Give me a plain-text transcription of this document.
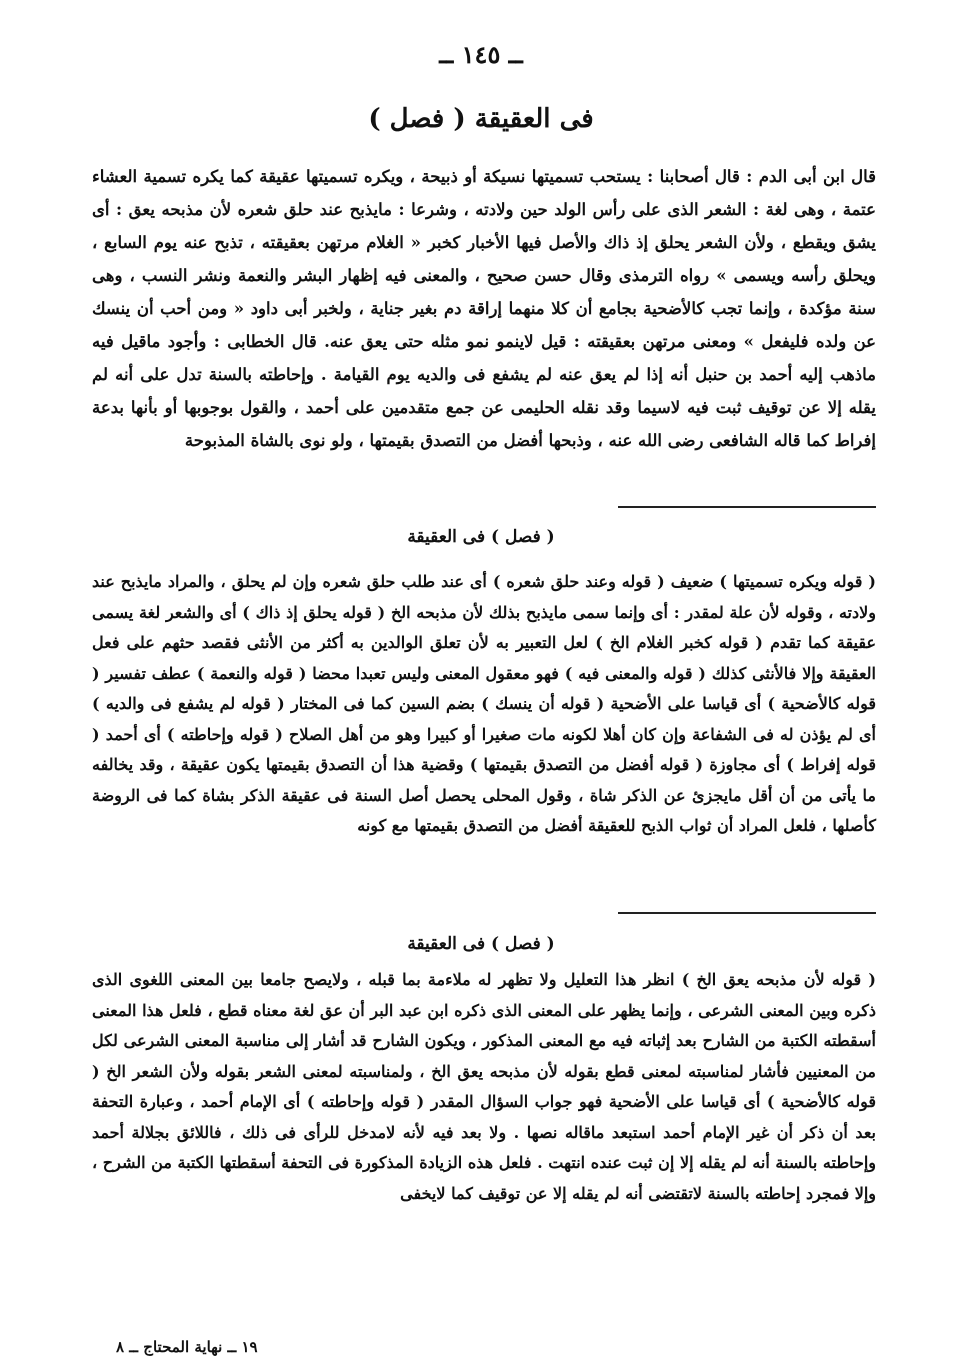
ــ ١٤٥ ــ
( فصل ) فى العقيقة

قال ابن أبى الدم : قال أصحابنا : يستحب تسميتها نسيكة أو ذبيحة ، ويكره تسميتها عقيقة كما يكره تسمية العشاء عتمة ، وهى لغة : الشعر الذى على رأس الولد حين ولادته ، وشرعا : مايذبح عند حلق شعره لأن مذبحه يعق : أى يشق ويقطع ، ولأن الشعر يحلق إذ ذاك والأصل فيها الأخبار كخبر « الغلام مرتهن بعقيقته ، تذبح عنه يوم السابع ، ويحلق رأسه ويسمى » رواه الترمذى وقال حسن صحيح ، والمعنى فيه إظهار البشر والنعمة ونشر النسب ، وهى سنة مؤكدة ، وإنما تجب كالأضحية بجامع أن كلا منهما إراقة دم بغير جناية ، ولخبر أبى داود « ومن أحب أن ينسك عن ولده فليفعل » ومعنى مرتهن بعقيقته : قيل لاينمو نمو مثله حتى يعق عنه. قال الخطابى : وأجود ماقيل فيه ماذهب إليه أحمد بن حنبل أنه إذا لم يعق عنه لم يشفع فى والديه يوم القيامة . وإحاطته بالسنة تدل على أنه لم يقله إلا عن توقيف ثبت فيه لاسيما وقد نقله الحليمى عن جمع متقدمين على أحمد ، والقول بوجوبها أو بأنها بدعة إفراط كما قاله الشافعى رضى الله عنه ، وذبحها أفضل من التصدق بقيمتها ، ولو نوى بالشاة المذبوحة

( فصل ) فى العقيقة

( قوله ويكره تسميتها ) ضعيف ( قوله وعند حلق شعره ) أى عند طلب حلق شعره وإن لم يحلق ، والمراد مايذبح عند ولادته ، وقوله لأن علة لمقدر : أى وإنما سمى مايذبح بذلك لأن مذبحه الخ ( قوله يحلق إذ ذاك ) أى والشعر لغة يسمى عقيقة كما تقدم ( قوله كخبر الغلام الخ ) لعل التعبير به لأن تعلق الوالدين به أكثر من الأنثى فقصد حثهم على فعل العقيقة وإلا فالأنثى كذلك ( قوله والمعنى فيه ) فهو معقول المعنى وليس تعبدا محضا ( قوله والنعمة ) عطف تفسير ( قوله كالأضحية ) أى قياسا على الأضحية ( قوله أن ينسك ) بضم السين كما فى المختار ( قوله لم يشفع فى والديه ) أى لم يؤذن له فى الشفاعة وإن كان أهلا لكونه مات صغيرا أو كبيرا وهو من أهل الصلاح ( قوله وإحاطته ) أى أحمد ( قوله إفراط ) أى مجاوزة ( قوله أفضل من التصدق بقيمتها ) وقضية هذا أن التصدق بقيمتها يكون عقيقة ، وقد يخالفه ما يأتى من أن أقل مايجزئ عن الذكر شاة ، وقول المحلى يحصل أصل السنة فى عقيقة الذكر بشاة كما فى الروضة كأصلها ، فلعل المراد أن ثواب الذبح للعقيقة أفضل من التصدق بقيمتها مع كونه

( فصل ) فى العقيقة

( قوله لأن مذبحه يعق الخ ) انظر هذا التعليل ولا تظهر له ملاءمة بما قبله ، ولايصح جامعا بين المعنى اللغوى الذى ذكره وبين المعنى الشرعى ، وإنما يظهر على المعنى الذى ذكره ابن عبد البر أن عق لغة معناه قطع ، فلعل هذا المعنى أسقطته الكتبة من الشارح بعد إثباته فيه مع المعنى المذكور ، ويكون الشارح قد أشار إلى مناسبة المعنى الشرعى لكل من المعنيين فأشار لمناسبته لمعنى قطع بقوله لأن مذبحه يعق الخ ، ولمناسبته لمعنى الشعر بقوله ولأن الشعر الخ ( قوله كالأضحية ) أى قياسا على الأضحية فهو جواب السؤال المقدر ( قوله وإحاطته ) أى الإمام أحمد ، وعبارة التحفة بعد أن ذكر أن غير الإمام أحمد استبعد ماقاله نصها . ولا بعد فيه لأنه لامدخل للرأى فى ذلك ، فاللائق بجلالة أحمد وإحاطته بالسنة أنه لم يقله إلا إن ثبت عنده انتهت . فلعل هذه الزيادة المذكورة فى التحفة أسقطتها الكتبة من الشرح ، وإلا فمجرد إحاطته بالسنة لاتقتضى أنه لم يقله إلا عن توقيف كما لايخفى

١٩ ــ نهاية المحتاج ــ ٨
